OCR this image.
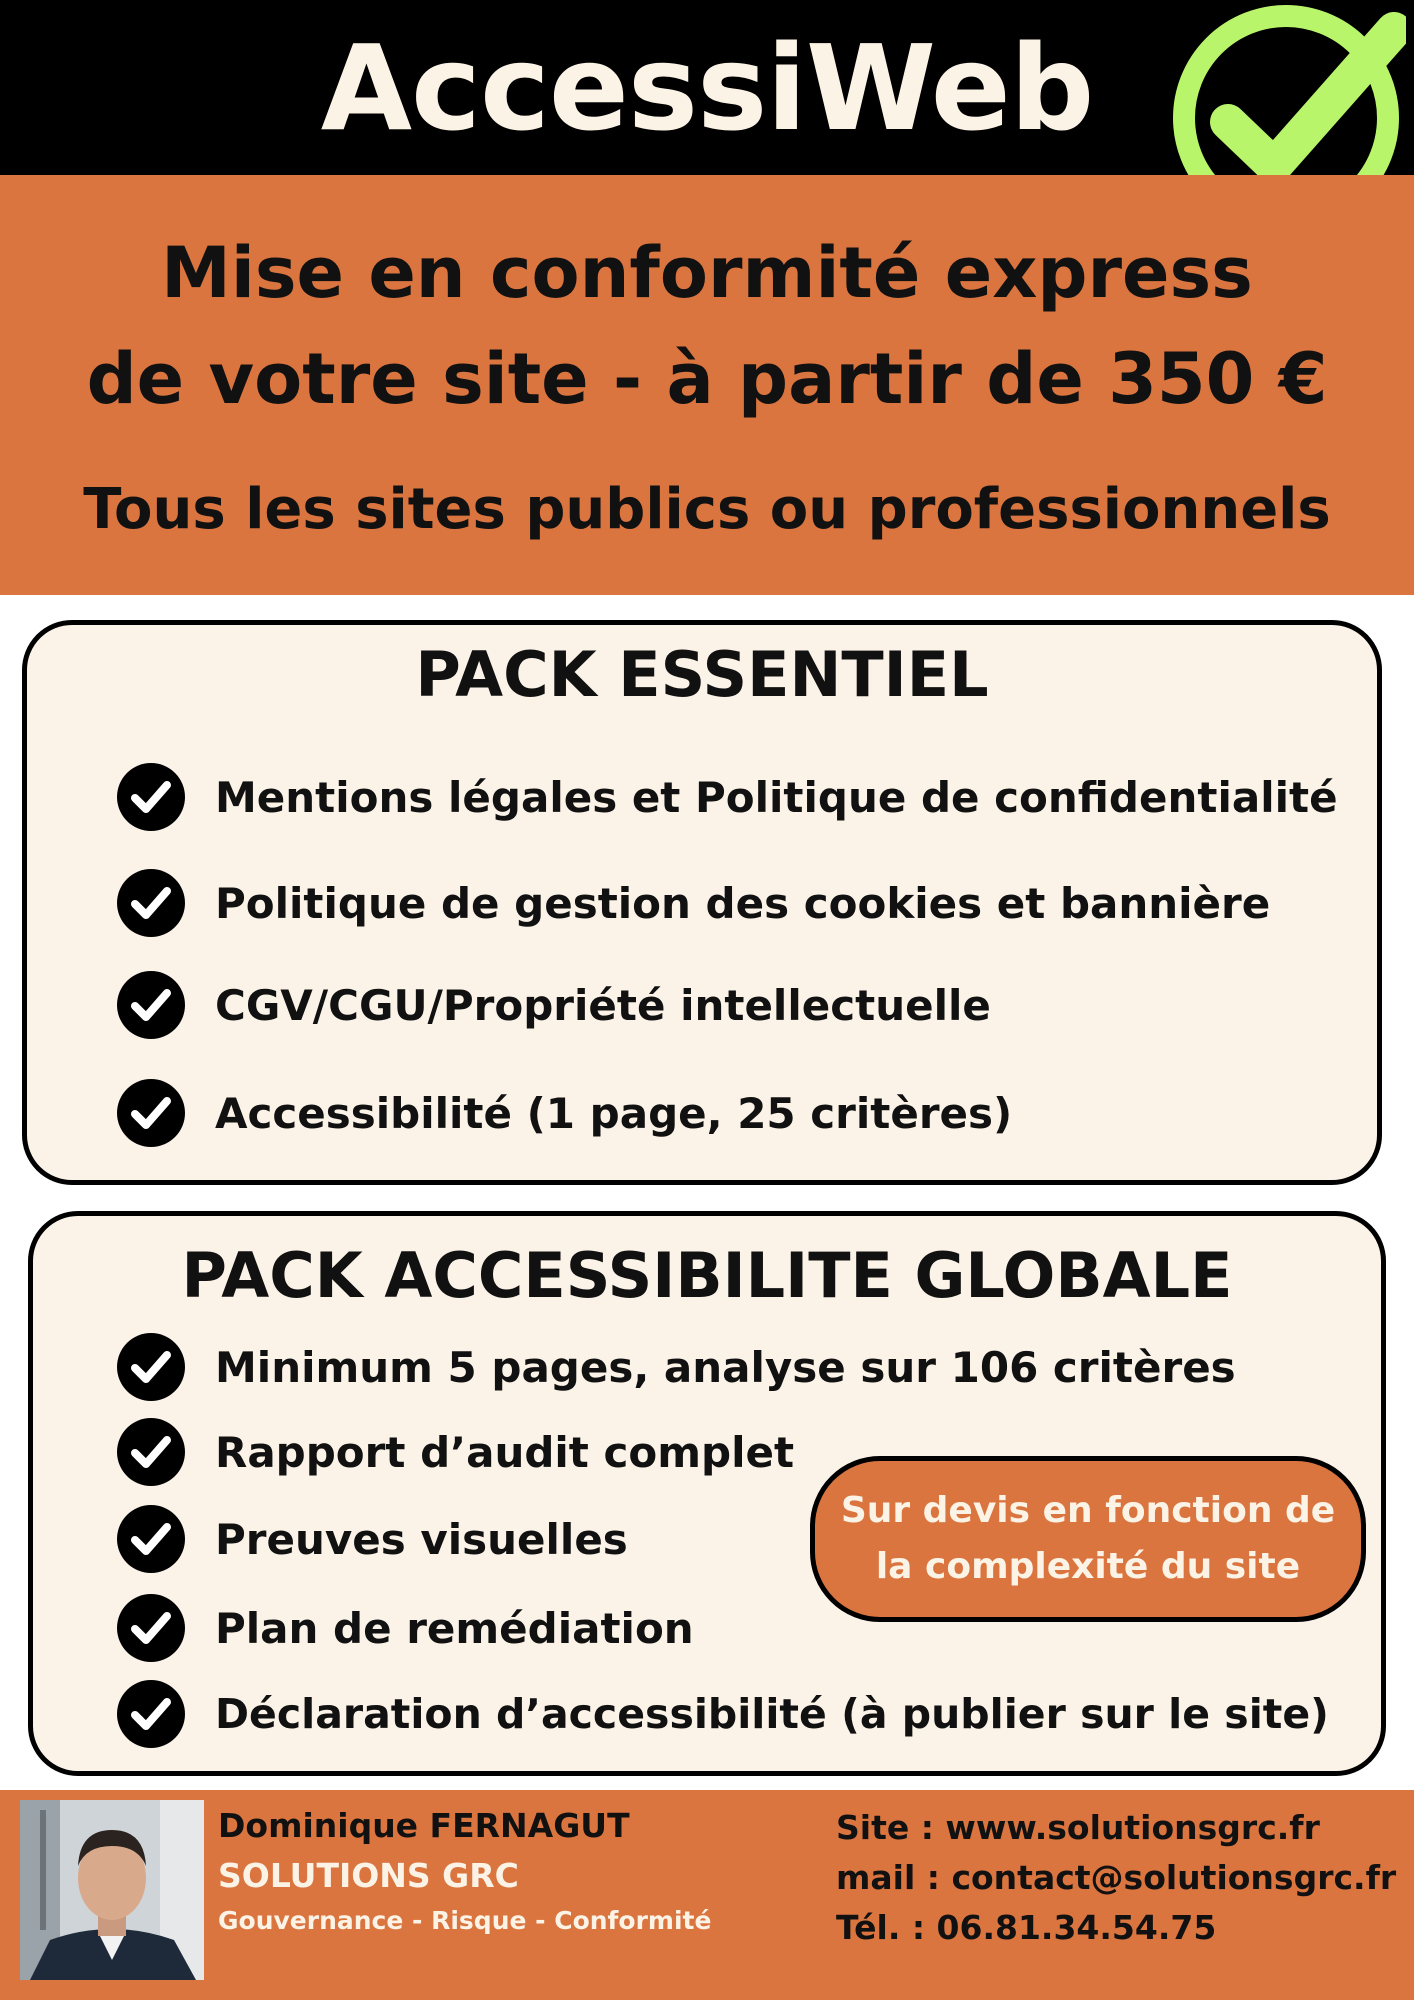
AccessiWeb
Mise en conformité express
de votre site - à partir de 350 €
Tous les sites publics ou professionnels
PACK ESSENTIEL
Mentions légales et Politique de confidentialité
Politique de gestion des cookies et bannière
CGV/CGU/Propriété intellectuelle
Accessibilité (1 page, 25 critères)
PACK ACCESSIBILITE GLOBALE
Minimum 5 pages, analyse sur 106 critères
Rapport d’audit complet
Preuves visuelles
Plan de remédiation
Déclaration d’accessibilité (à publier sur le site)
Sur devis en fonction de
la complexité du site
Dominique FERNAGUT
SOLUTIONS GRC
Gouvernance - Risque - Conformité
Site : www.solutionsgrc.fr
mail : contact@solutionsgrc.fr
Tél. : 06.81.34.54.75
